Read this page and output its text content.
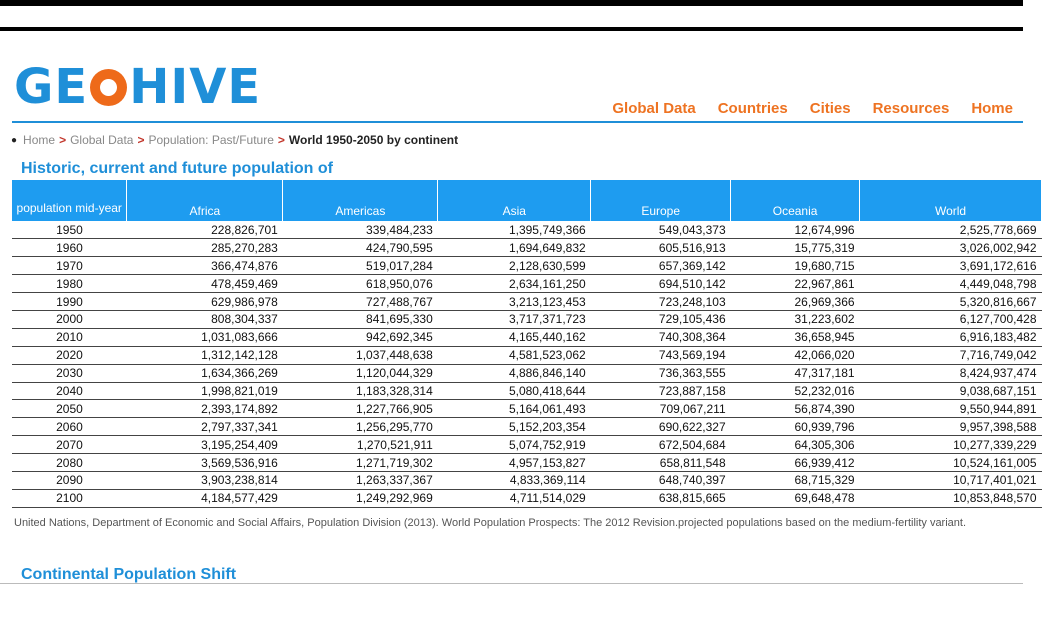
GE HIVE	Global Data Countries Cities Resources Home
● Home > Global Data > Population: Past/Future > World 1950-2050 by continent
Historic, current and future population of
population mid-year	Africa	Americas	Asia	Europe	Oceania	World
1950	228,826,701	339,484,233	1,395,749,366	549,043,373	12,674,996	2,525,778,669
1960	285,270,283	424,790,595	1,694,649,832	605,516,913	15,775,319	3,026,002,942
1970	366,474,876	519,017,284	2,128,630,599	657,369,142	19,680,715	3,691,172,616
1980	478,459,469	618,950,076	2,634,161,250	694,510,142	22,967,861	4,449,048,798
1990	629,986,978	727,488,767	3,213,123,453	723,248,103	26,969,366	5,320,816,667
2000	808,304,337	841,695,330	3,717,371,723	729,105,436	31,223,602	6,127,700,428
2010	1,031,083,666	942,692,345	4,165,440,162	740,308,364	36,658,945	6,916,183,482
2020	1,312,142,128	1,037,448,638	4,581,523,062	743,569,194	42,066,020	7,716,749,042
2030	1,634,366,269	1,120,044,329	4,886,846,140	736,363,555	47,317,181	8,424,937,474
2040	1,998,821,019	1,183,328,314	5,080,418,644	723,887,158	52,232,016	9,038,687,151
2050	2,393,174,892	1,227,766,905	5,164,061,493	709,067,211	56,874,390	9,550,944,891
2060	2,797,337,341	1,256,295,770	5,152,203,354	690,622,327	60,939,796	9,957,398,588
2070	3,195,254,409	1,270,521,911	5,074,752,919	672,504,684	64,305,306	10,277,339,229
2080	3,569,536,916	1,271,719,302	4,957,153,827	658,811,548	66,939,412	10,524,161,005
2090	3,903,238,814	1,263,337,367	4,833,369,114	648,740,397	68,715,329	10,717,401,021
2100	4,184,577,429	1,249,292,969	4,711,514,029	638,815,665	69,648,478	10,853,848,570

United Nations, Department of Economic and Social Affairs, Population Division (2013). World Population Prospects: The 2012 Revision.projected populations based on the medium-fertility variant.

Continental Population Shift
